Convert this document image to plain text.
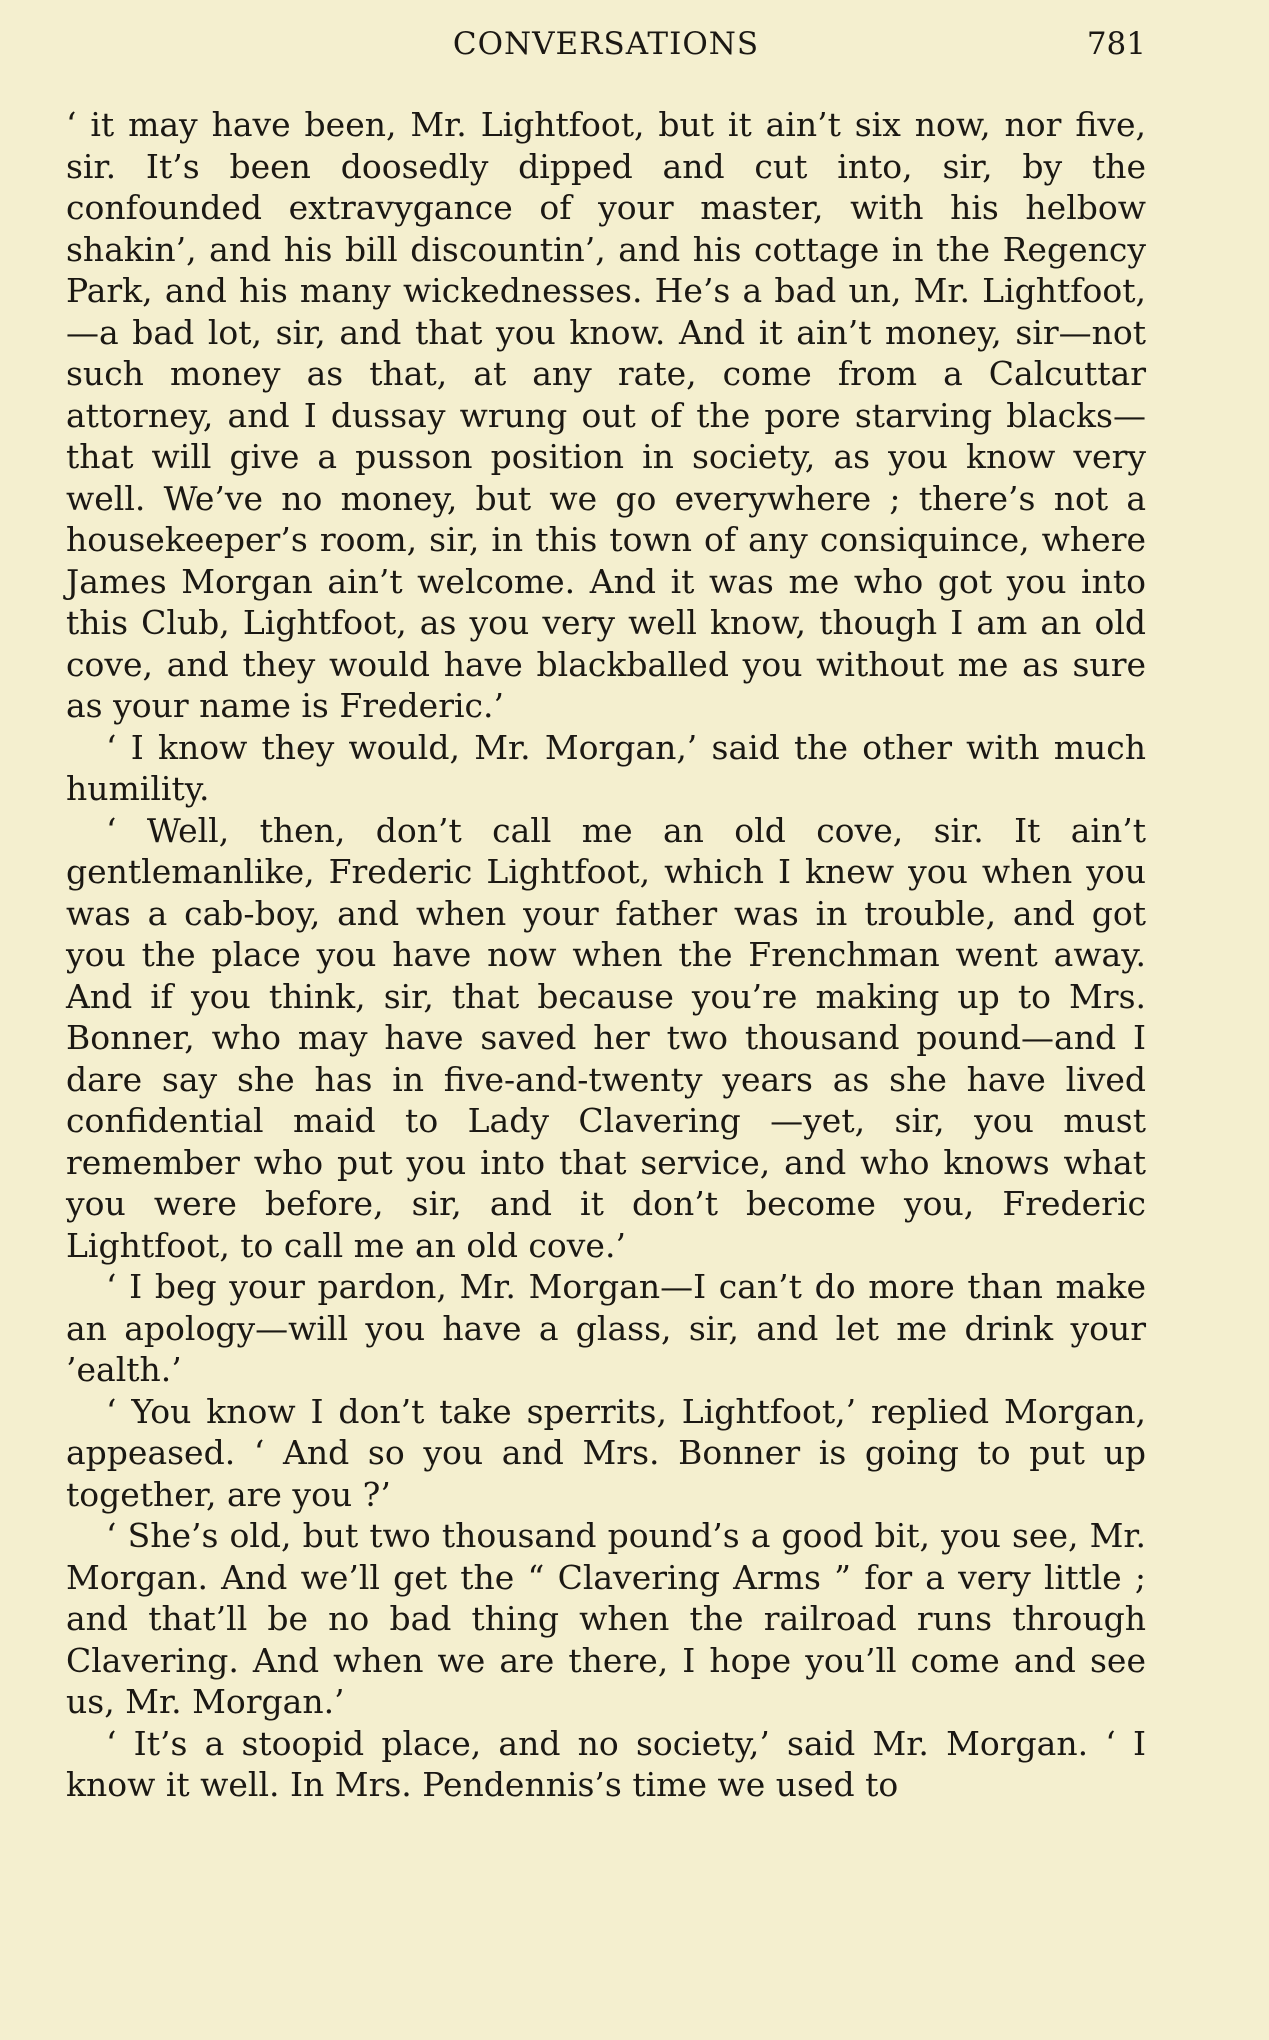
CONVERSATIONS	781

‘ it may have been, Mr. Lightfoot, but it ain’t six now, nor five, sir. It’s been doosedly dipped and cut into, sir, by the confounded extravygance of your master, with his helbow shakin’, and his bill discountin’, and his cottage in the Regency Park, and his many wickednesses. He’s a bad un, Mr. Lightfoot,—a bad lot, sir, and that you know. And it ain’t money, sir—not such money as that, at any rate, come from a Calcuttar attorney, and I dussay wrung out of the pore starving blacks—that will give a pusson position in society, as you know very well. We’ve no money, but we go everywhere ; there’s not a housekeeper’s room, sir, in this town of any consiquince, where James Morgan ain’t welcome. And it was me who got you into this Club, Lightfoot, as you very well know, though I am an old cove, and they would have blackballed you without me as sure as your name is Frederic.’

‘ I know they would, Mr. Morgan,’ said the other with much humility.

‘ Well, then, don’t call me an old cove, sir. It ain’t gentlemanlike, Frederic Lightfoot, which I knew you when you was a cab-boy, and when your father was in trouble, and got you the place you have now when the Frenchman went away. And if you think, sir, that because you’re making up to Mrs. Bonner, who may have saved her two thousand pound—and I dare say she has in five-and-twenty years as she have lived confidential maid to Lady Clavering —yet, sir, you must remember who put you into that service, and who knows what you were before, sir, and it don’t become you, Frederic Lightfoot, to call me an old cove.’

‘ I beg your pardon, Mr. Morgan—I can’t do more than make an apology—will you have a glass, sir, and let me drink your ’ealth.’

‘ You know I don’t take sperrits, Lightfoot,’ replied Morgan, appeased. ‘ And so you and Mrs. Bonner is going to put up together, are you ?’

‘ She’s old, but two thousand pound’s a good bit, you see, Mr. Morgan. And we’ll get the “ Clavering Arms ” for a very little ; and that’ll be no bad thing when the railroad runs through Clavering. And when we are there, I hope you’ll come and see us, Mr. Morgan.’

‘ It’s a stoopid place, and no society,’ said Mr. Morgan. ‘ I know it well. In Mrs. Pendennis’s time we used to
